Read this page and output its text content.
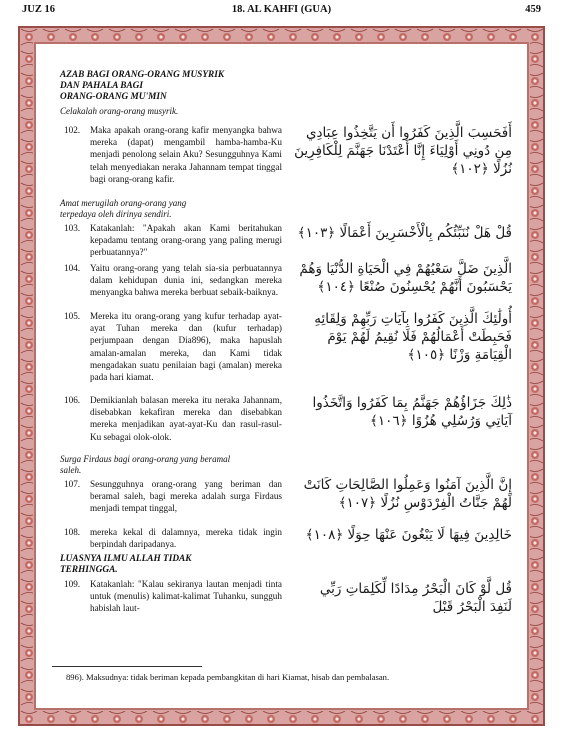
JUZ 16	18. AL KAHFI (GUA)	459

AZAB BAGI ORANG-ORANG MUSYRIK

DAN PAHALA BAGI

ORANG-ORANG MU'MIN

Celakalah orang-orang musyrik.

102.	Maka apakah orang-orang kafir menyangka bahwa mereka (dapat) mengambil hamba-hamba-Ku menjadi penolong selain Aku? Sesungguhnya Kami telah menyediakan neraka Jahannam tempat tinggal bagi orang-orang kafir.
أَفَحَسِبَ الَّذِينَ كَفَرُوا أَن يَتَّخِذُوا عِبَادِي مِن دُونِي أَوْلِيَاءَ إِنَّا أَعْتَدْنَا جَهَنَّمَ لِلْكَافِرِينَ نُزُلًا ﴿١٠٢﴾

Amat merugilah orang-orang yang

terpedaya oleh dirinya sendiri.

103.	Katakanlah: "Apakah akan Kami beritahukan kepadamu tentang orang-orang yang paling merugi perbuatannya?"
قُلْ هَلْ نُنَبِّئُكُم بِالْأَخْسَرِينَ أَعْمَالًا ﴿١٠٣﴾
104.	Yaitu orang-orang yang telah sia-sia perbuatannya dalam kehidupan dunia ini, sedangkan mereka menyangka bahwa mereka berbuat sebaik-baiknya.
الَّذِينَ ضَلَّ سَعْيُهُمْ فِي الْحَيَاةِ الدُّنْيَا وَهُمْ يَحْسَبُونَ أَنَّهُمْ يُحْسِنُونَ صُنْعًا ﴿١٠٤﴾
105.	Mereka itu orang-orang yang kufur terhadap ayat-ayat Tuhan mereka dan (kufur terhadap) perjumpaan dengan Dia896), maka hapuslah amalan-amalan mereka, dan Kami tidak mengadakan suatu penilaian bagi (amalan) mereka pada hari kiamat.
أُولَٰئِكَ الَّذِينَ كَفَرُوا بِآيَاتِ رَبِّهِمْ وَلِقَائِهِ فَحَبِطَتْ أَعْمَالُهُمْ فَلَا نُقِيمُ لَهُمْ يَوْمَ الْقِيَامَةِ وَزْنًا ﴿١٠٥﴾
106.	Demikianlah balasan mereka itu neraka Jahannam, disebabkan kekafiran mereka dan disebabkan mereka menjadikan ayat-ayat-Ku dan rasul-rasul-Ku sebagai olok-olok.
ذَٰلِكَ جَزَاؤُهُمْ جَهَنَّمُ بِمَا كَفَرُوا وَاتَّخَذُوا آيَاتِي وَرُسُلِي هُزُوًا ﴿١٠٦﴾

Surga Firdaus bagi orang-orang yang beramal

saleh.

107.	Sesungguhnya orang-orang yang beriman dan beramal saleh, bagi mereka adalah surga Firdaus menjadi tempat tinggal,
إِنَّ الَّذِينَ آمَنُوا وَعَمِلُوا الصَّالِحَاتِ كَانَتْ لَهُمْ جَنَّاتُ الْفِرْدَوْسِ نُزُلًا ﴿١٠٧﴾
108.	mereka kekal di dalamnya, mereka tidak ingin berpindah daripadanya.
خَالِدِينَ فِيهَا لَا يَبْغُونَ عَنْهَا حِوَلًا ﴿١٠٨﴾

LUASNYA ILMU ALLAH TIDAK

TERHINGGA.

109.	Katakanlah: "Kalau sekiranya lautan menjadi tinta untuk (menulis) kalimat-kalimat Tuhanku, sungguh habislah laut-
قُل لَّوْ كَانَ الْبَحْرُ مِدَادًا لِّكَلِمَاتِ رَبِّي لَنَفِدَ الْبَحْرُ قَبْلَ
896). Maksudnya: tidak beriman kepada pembangkitan di hari Kiamat, hisab dan pembalasan.
